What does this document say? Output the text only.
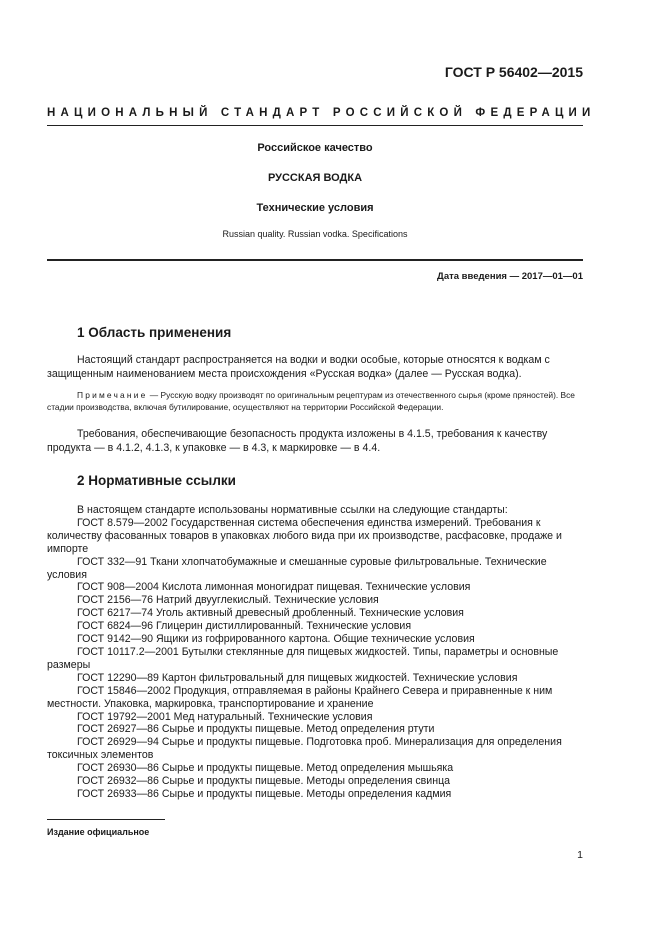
ГОСТ Р 56402—2015
НАЦИОНАЛЬНЫЙ СТАНДАРТ РОССИЙСКОЙ ФЕДЕРАЦИИ
Российское качество
РУССКАЯ ВОДКА
Технические условия
Russian quality. Russian vodka. Specifications
Дата введения — 2017—01—01
1 Область применения
Настоящий стандарт распространяется на водки и водки особые, которые относятся к водкам с защищенным наименованием места происхождения «Русская водка» (далее — Русская водка).
Примечание — Русскую водку производят по оригинальным рецептурам из отечественного сырья (кроме пряностей). Все стадии производства, включая бутилирование, осуществляют на территории Российской Федерации.
Требования, обеспечивающие безопасность продукта изложены в 4.1.5, требования к качеству продукта — в 4.1.2, 4.1.3, к упаковке — в 4.3, к маркировке — в 4.4.
2 Нормативные ссылки
В настоящем стандарте использованы нормативные ссылки на следующие стандарты:
ГОСТ 8.579—2002 Государственная система обеспечения единства измерений. Требования к количеству фасованных товаров в упаковках любого вида при их производстве, расфасовке, продаже и импорте
ГОСТ 332—91 Ткани хлопчатобумажные и смешанные суровые фильтровальные. Технические условия
ГОСТ 908—2004 Кислота лимонная моногидрат пищевая. Технические условия
ГОСТ 2156—76 Натрий двууглекислый. Технические условия
ГОСТ 6217—74 Уголь активный древесный дробленный. Технические условия
ГОСТ 6824—96 Глицерин дистиллированный. Технические условия
ГОСТ 9142—90 Ящики из гофрированного картона. Общие технические условия
ГОСТ 10117.2—2001 Бутылки стеклянные для пищевых жидкостей. Типы, параметры и основные размеры
ГОСТ 12290—89 Картон фильтровальный для пищевых жидкостей. Технические условия
ГОСТ 15846—2002 Продукция, отправляемая в районы Крайнего Севера и приравненные к ним местности. Упаковка, маркировка, транспортирование и хранение
ГОСТ 19792—2001 Мед натуральный. Технические условия
ГОСТ 26927—86 Сырье и продукты пищевые. Метод определения ртути
ГОСТ 26929—94 Сырье и продукты пищевые. Подготовка проб. Минерализация для определения токсичных элементов
ГОСТ 26930—86 Сырье и продукты пищевые. Метод определения мышьяка
ГОСТ 26932—86 Сырье и продукты пищевые. Методы определения свинца
ГОСТ 26933—86 Сырье и продукты пищевые. Методы определения кадмия
Издание официальное
1
